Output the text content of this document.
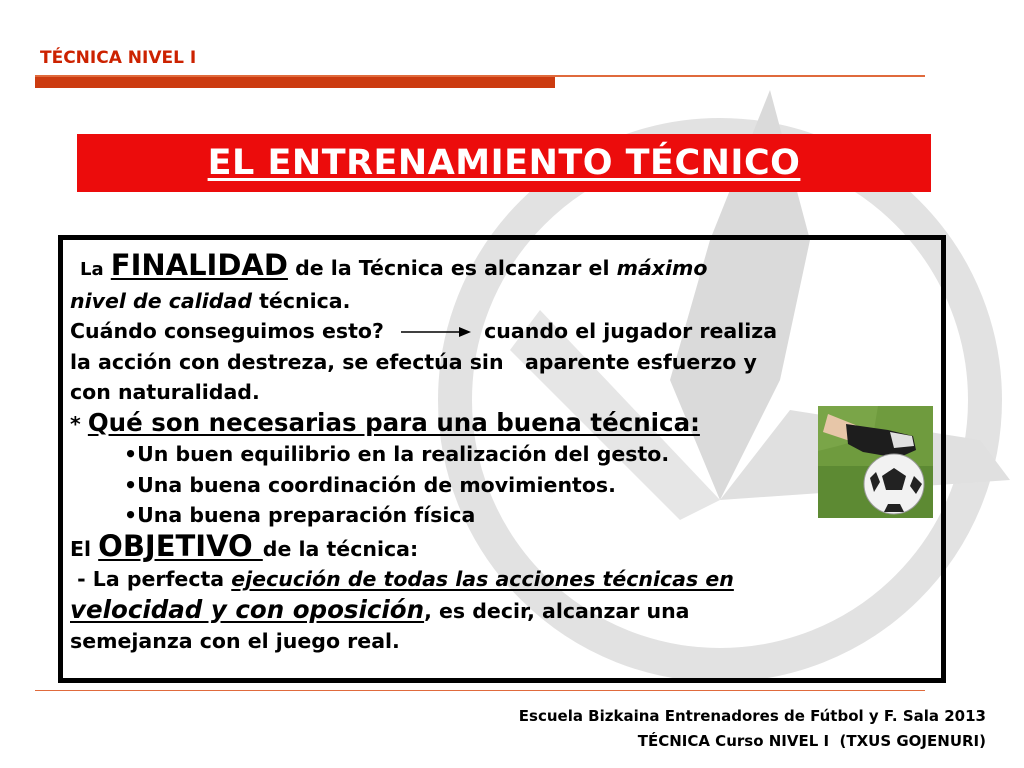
TÉCNICA NIVEL I
EL ENTRENAMIENTO TÉCNICO
La FINALIDAD de la Técnica es alcanzar el máximo
nivel de calidad técnica.
Cuándo conseguimos esto?	cuando el jugador realiza
la acción con destreza, se efectúa sin   aparente esfuerzo y
con naturalidad.
* Qué son necesarias para una buena técnica:
•Un buen equilibrio en la realización del gesto.
•Una buena coordinación de movimientos.
•Una buena preparación física
El OBJETIVO de la técnica:
- La perfecta ejecución de todas las acciones técnicas en
velocidad y con oposición, es decir, alcanzar una
semejanza con el juego real.
Escuela Bizkaina Entrenadores de Fútbol y F. Sala 2013
TÉCNICA Curso NIVEL I  (TXUS GOJENURI)
